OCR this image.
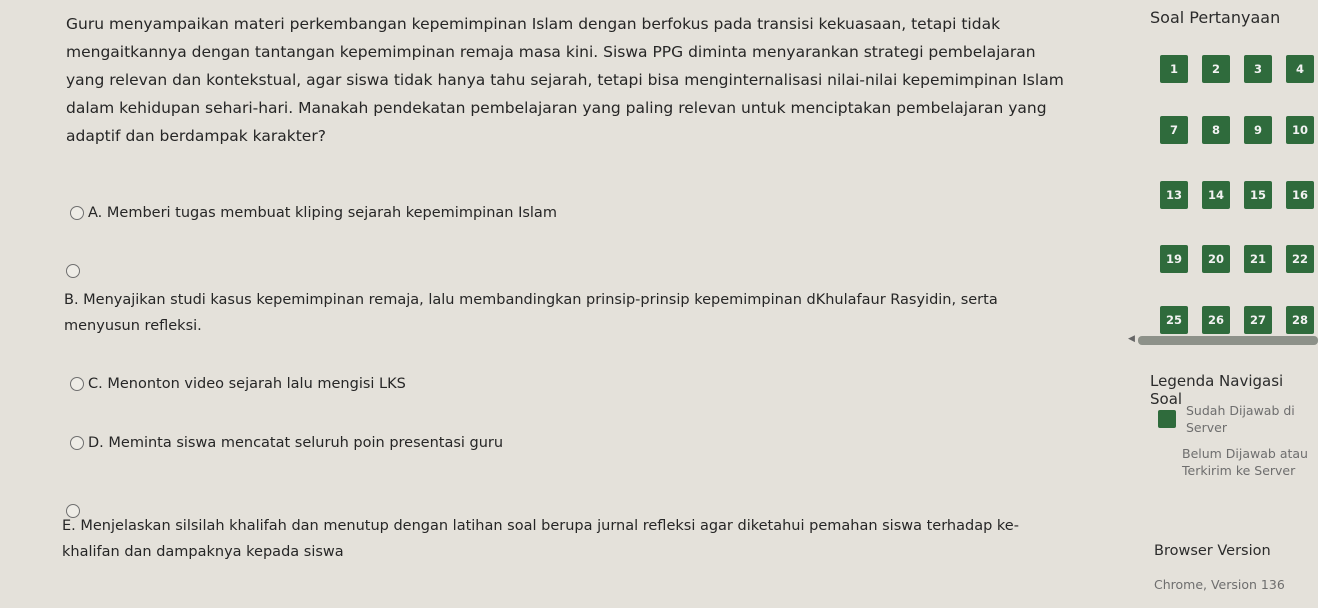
Guru menyampaikan materi perkembangan kepemimpinan Islam dengan berfokus pada transisi kekuasaan, tetapi tidak mengaitkannya dengan tantangan kepemimpinan remaja masa kini. Siswa PPG diminta menyarankan strategi pembelajaran yang relevan dan kontekstual, agar siswa tidak hanya tahu sejarah, tetapi bisa menginternalisasi nilai-nilai kepemimpinan Islam dalam kehidupan sehari-hari. Manakah pendekatan pembelajaran yang paling relevan untuk menciptakan pembelajaran yang adaptif dan berdampak karakter?
A. Memberi tugas membuat kliping sejarah kepemimpinan Islam
B. Menyajikan studi kasus kepemimpinan remaja, lalu membandingkan prinsip-prinsip kepemimpinan dKhulafaur Rasyidin, serta menyusun refleksi.
C. Menonton video sejarah lalu mengisi LKS
D. Meminta siswa mencatat seluruh poin presentasi guru
E. Menjelaskan silsilah khalifah dan menutup dengan latihan soal berupa jurnal refleksi agar diketahui pemahan siswa terhadap ke-khalifan dan dampaknya kepada siswa
Soal Pertanyaan
1	2	3	4
7	8	9	10
13	14	15	16
19	20	21	22
25	26	27	28
Legenda Navigasi Soal
Sudah Dijawab di Server
Belum Dijawab atau Terkirim ke Server
Browser Version
Chrome, Version 136
◀
